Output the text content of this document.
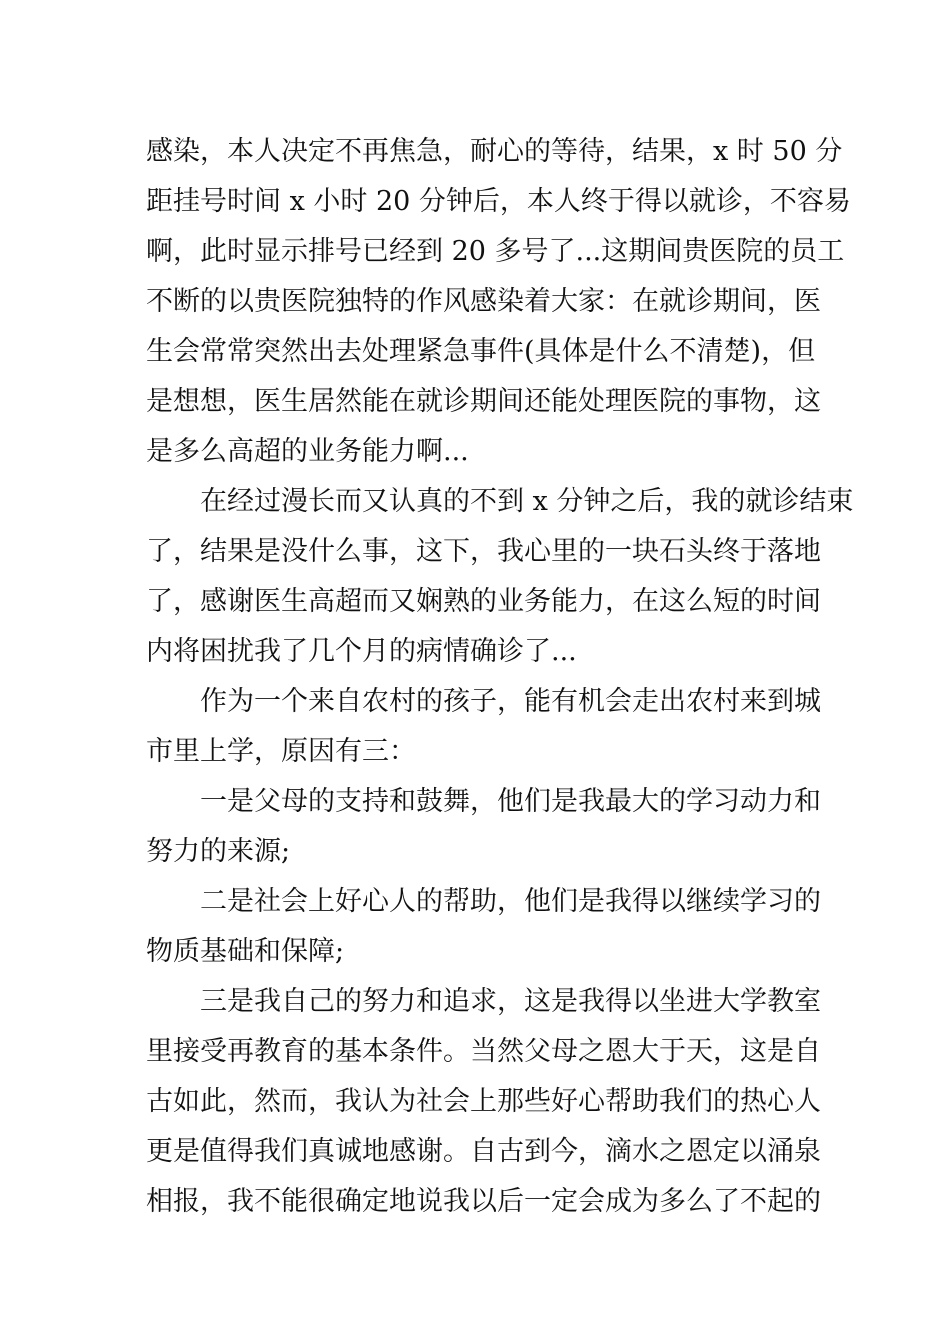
感染，本人决定不再焦急，耐心的等待，结果，x 时 50 分
距挂号时间 x 小时 20 分钟后，本人终于得以就诊，不容易
啊，此时显示排号已经到 20 多号了...这期间贵医院的员工
不断的以贵医院独特的作风感染着大家：在就诊期间，医
生会常常突然出去处理紧急事件(具体是什么不清楚)，但
是想想，医生居然能在就诊期间还能处理医院的事物，这
是多么高超的业务能力啊...
在经过漫长而又认真的不到 x 分钟之后，我的就诊结束
了，结果是没什么事，这下，我心里的一块石头终于落地
了，感谢医生高超而又娴熟的业务能力，在这么短的时间
内将困扰我了几个月的病情确诊了...
作为一个来自农村的孩子，能有机会走出农村来到城
市里上学，原因有三：
一是父母的支持和鼓舞，他们是我最大的学习动力和
努力的来源;
二是社会上好心人的帮助，他们是我得以继续学习的
物质基础和保障;
三是我自己的努力和追求，这是我得以坐进大学教室
里接受再教育的基本条件。当然父母之恩大于天，这是自
古如此，然而，我认为社会上那些好心帮助我们的热心人
更是值得我们真诚地感谢。自古到今，滴水之恩定以涌泉
相报，我不能很确定地说我以后一定会成为多么了不起的
